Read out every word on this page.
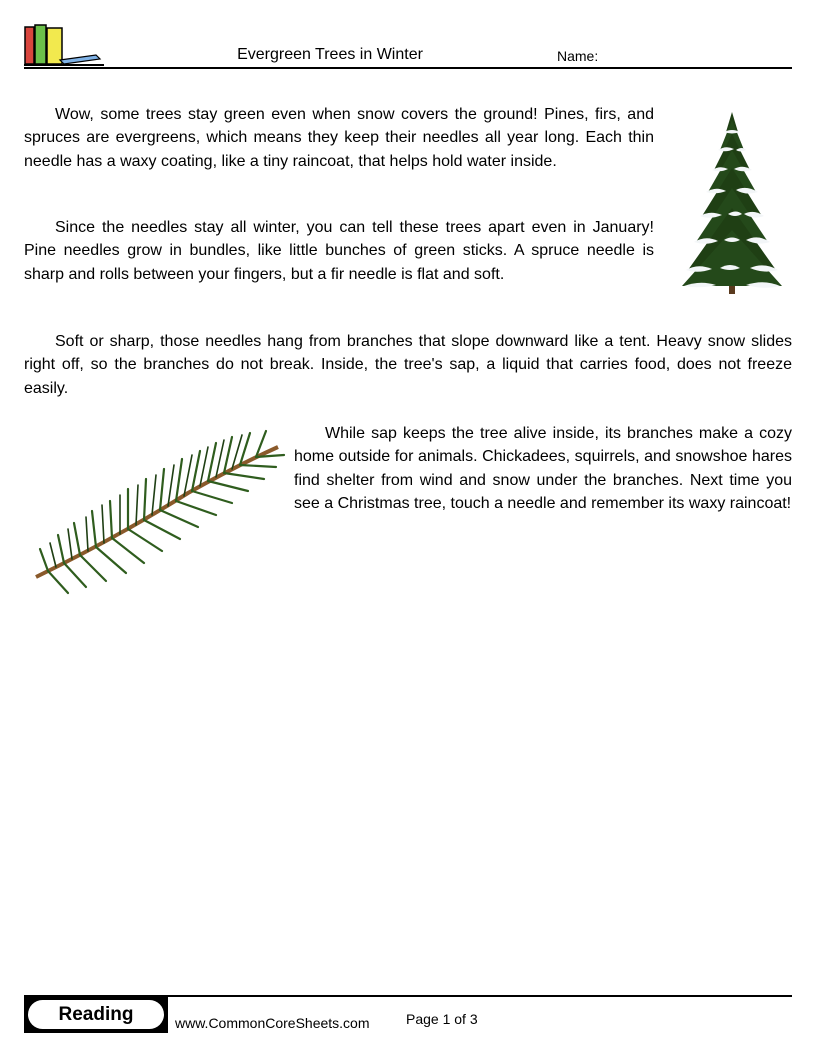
Evergreen Trees in Winter	Name:

Wow, some trees stay green even when snow covers the ground! Pines, firs, and spruces are evergreens, which means they keep their needles all year long. Each thin needle has a waxy coating, like a tiny raincoat, that helps hold water inside.

Since the needles stay all winter, you can tell these trees apart even in January! Pine needles grow in bundles, like little bunches of green sticks. A spruce needle is sharp and rolls between your fingers, but a fir needle is flat and soft.

Soft or sharp, those needles hang from branches that slope downward like a tent. Heavy snow slides right off, so the branches do not break. Inside, the tree's sap, a liquid that carries food, does not freeze easily.

While sap keeps the tree alive inside, its branches make a cozy home outside for animals. Chickadees, squirrels, and snowshoe hares find shelter from wind and snow under the branches. Next time you see a Christmas tree, touch a needle and remember its waxy raincoat!

Reading	www.CommonCoreSheets.com	Page 1 of 3
